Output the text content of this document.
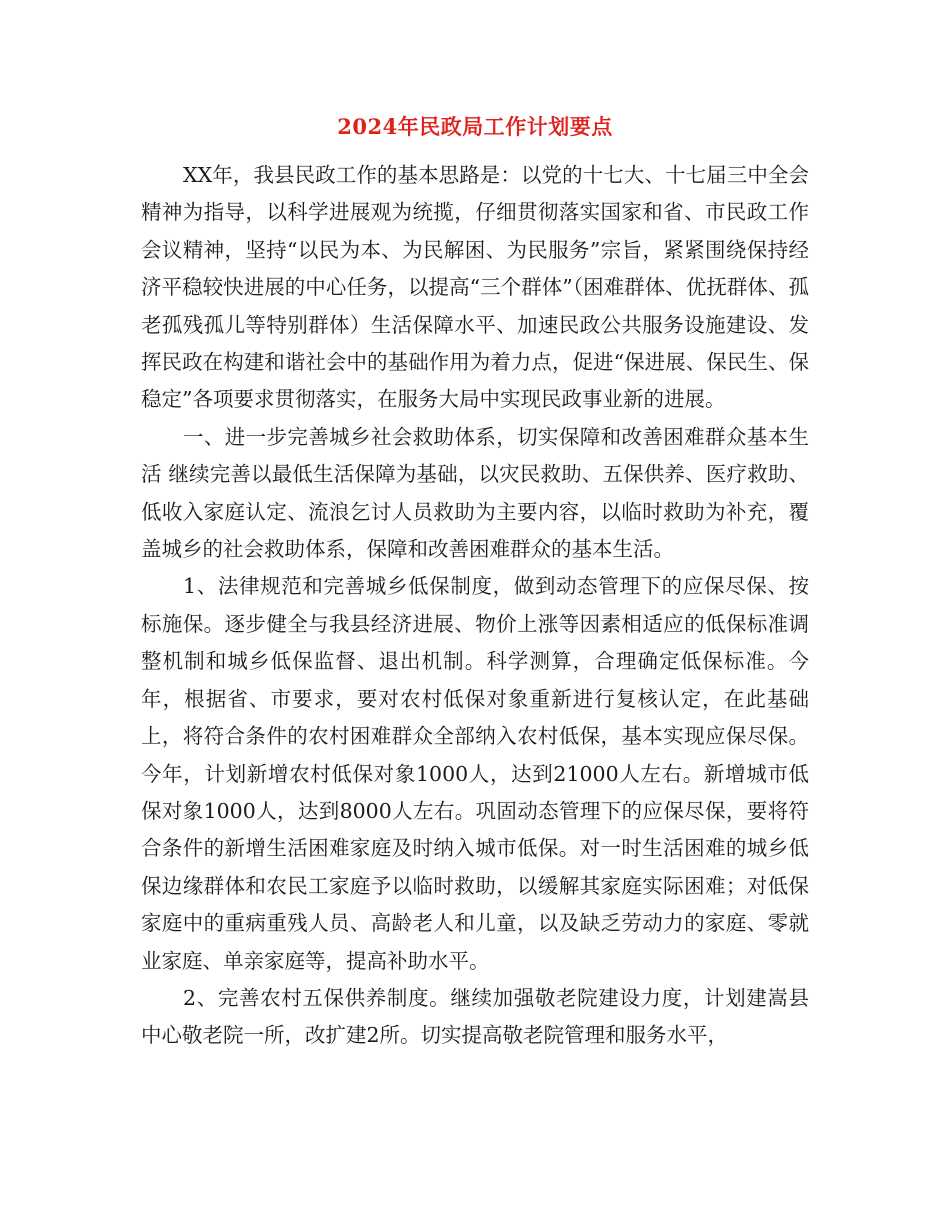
2024年民政局工作计划要点

XX年，我县民政工作的基本思路是：以党的十七大、十七届三中全会精神为指导，以科学进展观为统揽，仔细贯彻落实国家和省、市民政工作会议精神，坚持“以民为本、为民解困、为民服务”宗旨，紧紧围绕保持经济平稳较快进展的中心任务，以提高“三个群体”（困难群体、优抚群体、孤老孤残孤儿等特别群体）生活保障水平、加速民政公共服务设施建设、发挥民政在构建和谐社会中的基础作用为着力点，促进“保进展、保民生、保稳定”各项要求贯彻落实，在服务大局中实现民政事业新的进展。

一、进一步完善城乡社会救助体系，切实保障和改善困难群众基本生活 继续完善以最低生活保障为基础，以灾民救助、五保供养、医疗救助、低收入家庭认定、流浪乞讨人员救助为主要内容，以临时救助为补充，覆盖城乡的社会救助体系，保障和改善困难群众的基本生活。

1、法律规范和完善城乡低保制度，做到动态管理下的应保尽保、按标施保。逐步健全与我县经济进展、物价上涨等因素相适应的低保标准调整机制和城乡低保监督、退出机制。科学测算，合理确定低保标准。今年，根据省、市要求，要对农村低保对象重新进行复核认定，在此基础上，将符合条件的农村困难群众全部纳入农村低保，基本实现应保尽保。今年，计划新增农村低保对象1000人，达到21000人左右。新增城市低保对象1000人，达到8000人左右。巩固动态管理下的应保尽保，要将符合条件的新增生活困难家庭及时纳入城市低保。对一时生活困难的城乡低保边缘群体和农民工家庭予以临时救助，以缓解其家庭实际困难；对低保家庭中的重病重残人员、高龄老人和儿童，以及缺乏劳动力的家庭、零就业家庭、单亲家庭等，提高补助水平。

2、完善农村五保供养制度。继续加强敬老院建设力度，计划建嵩县中心敬老院一所，改扩建2所。切实提高敬老院管理和服务水平，
